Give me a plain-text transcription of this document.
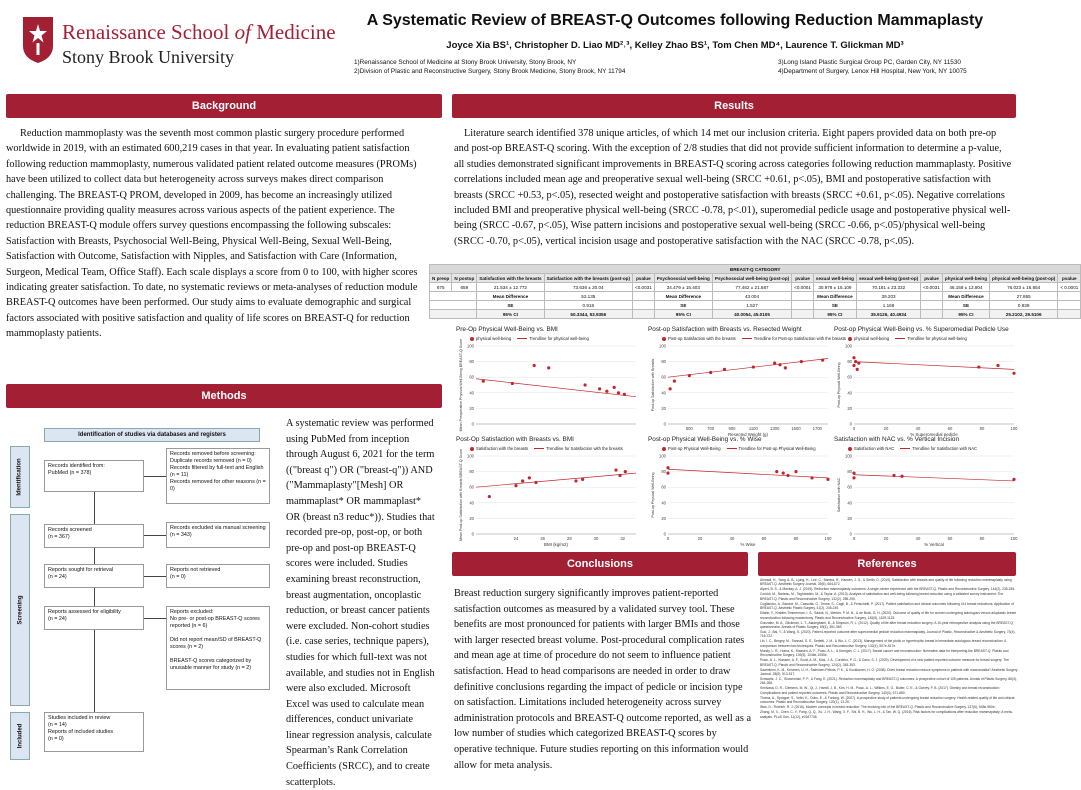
Renaissance School of Medicine
Stony Brook University
A Systematic Review of BREAST-Q Outcomes following Reduction Mammaplasty
Joyce Xia BS¹, Christopher D. Liao MD²˒³, Kelley Zhao BS¹, Tom Chen MD⁴, Laurence T. Glickman MD³
1)Renaissance School of Medicine at Stony Brook University, Stony Brook, NY
2)Division of Plastic and Reconstructive Surgery, Stony Brook Medicine, Stony Brook, NY 11794
3)Long Island Plastic Surgical Group PC, Garden City, NY 11530
4)Department of Surgery, Lenox Hill Hospital, New York, NY 10075
Background
Reduction mammoplasty was the seventh most common plastic surgery procedure performed worldwide in 2019, with an estimated 600,219 cases in that year. In evaluating patient satisfaction following reduction mammoplasty, numerous validated patient related outcome measures (PROMs) have been utilized to collect data but heterogeneity across surveys makes direct comparison challenging. The BREAST-Q PROM, developed in 2009, has become an increasingly utilized questionnaire providing quality measures across various aspects of the patient experience. The reduction BREAST-Q module offers survey questions encompassing the following subscales: Satisfaction with Breasts, Psychosocial Well-Being, Physical Well-Being, Sexual Well-Being, Satisfaction with Outcome, Satisfaction with Nipples, and Satisfaction with Care (Information, Surgeon, Medical Team, Office Staff). Each scale displays a score from 0 to 100, with higher scores indicating greater satisfaction. To date, no systematic reviews or meta-analyses of reduction module BREAST-Q outcomes have been performed. Our study aims to evaluate demographic and surgical factors associated with positive satisfaction and quality of life scores on BREAST-Q for reduction mammoplasty patients.
Methods
Identification of studies via databases and registers
Identification
Screening
Included
Records identified from:
PubMed (n = 378)
Records removed before screening:
Duplicate records removed (n = 0)
Records filtered by full-text and English (n = 11)
Records removed for other reasons (n = 0)
Records screened
(n = 367)
Records excluded via manual screening
(n = 343)
Reports sought for retrieval
(n = 24)
Reports not retrieved
(n = 0)
Reports assessed for eligibility
(n = 24)
Reports excluded:
No pre- or post-op BREAST-Q scores reported (n = 6)

Did not report mean/SD of BREAST-Q scores (n = 2)

BREAST-Q scores categorized by unusable manner for study (n = 2)
Studies included in review
(n = 14)
Reports of included studies
(n = 0)
A systematic review was performed using PubMed from inception through August 6, 2021 for the term (("breast q") OR ("breast-q")) AND ("Mammaplasty"[Mesh] OR mammaplast* OR mammaplast* OR (breast n3 reduc*)). Studies that recorded pre-op, post-op, or both pre-op and post-op BREAST-Q scores were included. Studies examining breast reconstruction, breast augmentation, oncoplastic reduction, or breast cancer patients were excluded. Non-cohort studies (i.e. case series, technique papers), studies for which full-text was not available, and studies not in English were also excluded. Microsoft Excel was used to calculate mean differences, conduct univariate linear regression analysis, calculate Spearman’s Rank Correlation Coefficients (SRCC), and to create scatterplots.
Results
Literature search identified 378 unique articles, of which 14 met our inclusion criteria. Eight papers provided data on both pre-op and post-op BREAST-Q scoring. With the exception of 2/8 studies that did not provide sufficient information to determine a p-value, all studies demonstrated significant improvements in BREAST-Q scoring across categories following reduction mammaplasty. Positive correlations included mean age and preoperative sexual well-being (SRCC +0.61, p<.05), BMI and postoperative satisfaction with breasts (SRCC +0.53, p<.05), resected weight and postoperative satisfaction with breasts (SRCC +0.61, p<.05). Negative correlations included BMI and preoperative physical well-being (SRCC -0.78, p<.01), superomedial pedicle usage and postoperative physical well-being (SRCC -0.67, p<.05), Wise pattern incisions and postoperative sexual well-being (SRCC -0.66, p<.05)/physical well-being (SRCC -0.70, p<.05), vertical incision usage and postoperative satisfaction with the NAC (SRCC -0.78, p<.05).
BREAST-Q CATEGORY													
N preop	N postop	Satisfaction with the breasts	Satisfaction with the breasts (post-op)	pvalue	Psychosocial well-being	Psychosocial well-being (post-op)	pvalue	sexual well-being	sexual well-being (post-op)	pvalue	physical well-being	physical well-being (post-op)	pvalue
675	659	21.534 ± 12.772	73.636 ± 20.04	<0.0031	34.479 ± 15.403	77.462 ± 21.587	<0.0001	30.978 ± 15.109	70.181 ± 23.332	<0.0031	46.158 ± 13.804	76.023 ± 16.654	< 0.0001
		Mean Difference	52.135		Mean Difference	43.004		Mean Difference	39.203		Mean Difference	27.865	
		SE	0.918		SE	1.527		SE	1.168		SE	0.839	
		95% CI	50.3344, 53.9356		95% CI	40.0054, 45.0105		95% CI	35.9126, 40.4934		95% CI	25.2102, 29.5106	
Pre-Op Physical Well-Being vs. BMI
physical well-being	Trendline for physical well-being
0
20
40
60
80
100
Mean Preoperative Physical Well-Being BREAST-Q Score
Post-op Satisfaction with Breasts vs. Resected Weight
Post-op Satisfaction with the breasts	Trendline for Post-op Satisfaction with the breasts
0
20
40
60
80
100
500	700	900	1100	1300	1500	1700
Resected Weight (g)
Post-op Satisfaction with Breasts
Post-op Physical Well-Being vs. % Superomedial Pedicle Use
physical well-being	Trendline for physical well-being
0
20
40
60
80
100
0	20	40	60	80	100
% Superomedial pedicle
Post-op Physical Well-Being
Post-Op Satisfaction with Breasts vs. BMI
Satisfaction with the breasts	Trendline for Satisfaction with the breasts
0
20
40
60
80
100
24	26	28	30	32
BMI (kg/m2)
Mean Post-op Satisfaction with Breasts BREAST-Q Score
Post-op Physical Well-Being vs. % Wise
Post-op Physical Well-Being	Trendline for Post-op Physical Well-Being
0
20
40
60
80
100
0	20	40	60	80	100
% Wise
Post-op Physical Well-Being
Satisfaction with NAC vs. % Vertical Incision
Satisfaction with NAC	Trendline for Satisfaction with NAC
0
20
40
60
80
100
0	20	40	60	80	100
% Vertical
Satisfaction with NAC
Conclusions
Breast reduction surgery significantly improves patient-reported satisfaction outcomes as measured by a validated survey tool. These benefits are most pronounced for patients with larger BMIs and those with larger resected breast volume. Post-procedural complication rates and mean age at time of procedure do not seem to influence patient satisfaction. Head to head comparisons are needed in order to draw definitive conclusions regarding the impact of pedicle or incision type on satisfaction. Limitations included heterogeneity across survey administration protocols and BREAST-Q outcome reported, as well as a low number of studies which categorized BREAST-Q scores by operative technique. Future studies reporting on this information would allow for meta analysis.
References

Ahmadi, H., Yang, A. B., Ljung, H., Lee, C., Bamba, R., Hansen, J. G., & Smith, D. (2019). Satisfaction with breasts and quality of life following reduction mammaplasty using BREAST-Q. Aesthetic Surgery Journal, 39(6), 664-672.

Alpert, B. S., & Mackay, A. J. (2019). Reduction mammaplasty outcomes: A single-center experience with the BREAST-Q. Plastic and Reconstructive Surgery, 144(2), 235-245.

Coriddi, M., Nadeau, M., Taghizadeh, M., & Taylor, A. (2013). Analysis of satisfaction and well-being following breast reduction using a validated survey instrument: The BREAST-Q. Plastic and Reconstructive Surgery, 132(2), 285-290.

Cogliandro, A., Barone, M., Cassotta, G., Tenna, S., Cagli, B., & Persichetti, P. (2017). Patient satisfaction and clinical outcomes following 414 breast reductions: Application of BREAST-Q. Aesthetic Plastic Surgery, 41(2), 245-249.

Eltahir, Y., Krabbe-Timmerman, I. S., Sadok, N., Werker, P. M. N., & de Bock, G. H. (2020). Outcome of quality of life for women undergoing autologous versus alloplastic breast reconstruction following mastectomy. Plastic and Reconstructive Surgery, 145(5), 1109-1123.

Gonzalez, M. A., Glickman, L. T., Aladegbami, B., & Simpson, R. L. (2012). Quality of life after breast reduction surgery: A 10-year retrospective analysis using the BREAST-Q questionnaire. Annals of Plastic Surgery, 69(4), 361-363.

Guo, J., Bai, Y., & Wang, S. (2020). Patient-reported outcome after superomedial pedicle reduction mammaplasty. Journal of Plastic, Reconstructive & Aesthetic Surgery, 73(4), 716-722.

Lin, I. C., Bergey, M., Sonnad, S. S., Serletti, J. M., & Wu, L. C. (2013). Management of the ptotic or hypertrophic breast in immediate autologous breast reconstruction: A comparison between two techniques. Plastic and Reconstructive Surgery, 132(4), 507e-517e.

Mundy, L. R., Homa, K., Klassen, A. F., Pusic, A. L., & Kerrigan, C. L. (2017). Breast cancer and reconstruction: Normative data for interpreting the BREAST-Q. Plastic and Reconstructive Surgery, 139(5), 1046e-1055e.

Pusic, A. L., Klassen, A. F., Scott, A. M., Klok, J. A., Cordeiro, P. G., & Cano, S. J. (2009). Development of a new patient-reported outcome measure for breast surgery: The BREAST-Q. Plastic and Reconstructive Surgery, 124(2), 345-353.

Saariniemi, K. M., Keranen, U. H., Salminen-Peltola, P. K., & Kuokkanen, H. O. (2008). Does breast reduction reduce symptoms in patients with macromastia? Aesthetic Surgery Journal, 28(5), 513-517.

Schwartz, J. C., Skowronski, P. P., & Fang, E. (2021). Reduction mammaplasty and BREAST-Q outcomes: A prospective cohort of 105 patients. Annals of Plastic Surgery, 86(3), 264-268.

Srinivasa, D. R., Clemens, M. W., Qi, J., Hamill, J. B., Kim, H. M., Pusic, A. L., Wilkins, E. G., Butler, C. E., & Garvey, P. B. (2017). Obesity and breast reconstruction: Complications and patient-reported outcomes. Plastic and Reconstructive Surgery, 140(4), 671-680.

Thoma, A., Sprague, S., Veltri, K., Duku, E., & Furlong, W. (2007). A prospective study of patients undergoing breast reduction surgery: Health-related quality of life and clinical outcomes. Plastic and Reconstructive Surgery, 120(1), 13-26.

Wan, D., Rohrich, R. J. (2016). Modern concepts in breast reduction: The evolving role of the BREAST-Q. Plastic and Reconstructive Surgery, 137(6), 948e-960e.

Zhang, M. X., Chen, C. Y., Fang, Q. Q., Xu, J. H., Wang, X. F., Shi, B. H., Wu, L. H., & Tan, W. Q. (2016). Risk factors for complications after reduction mammaplasty: A meta-analysis. PLoS One, 11(12), e0167746.
